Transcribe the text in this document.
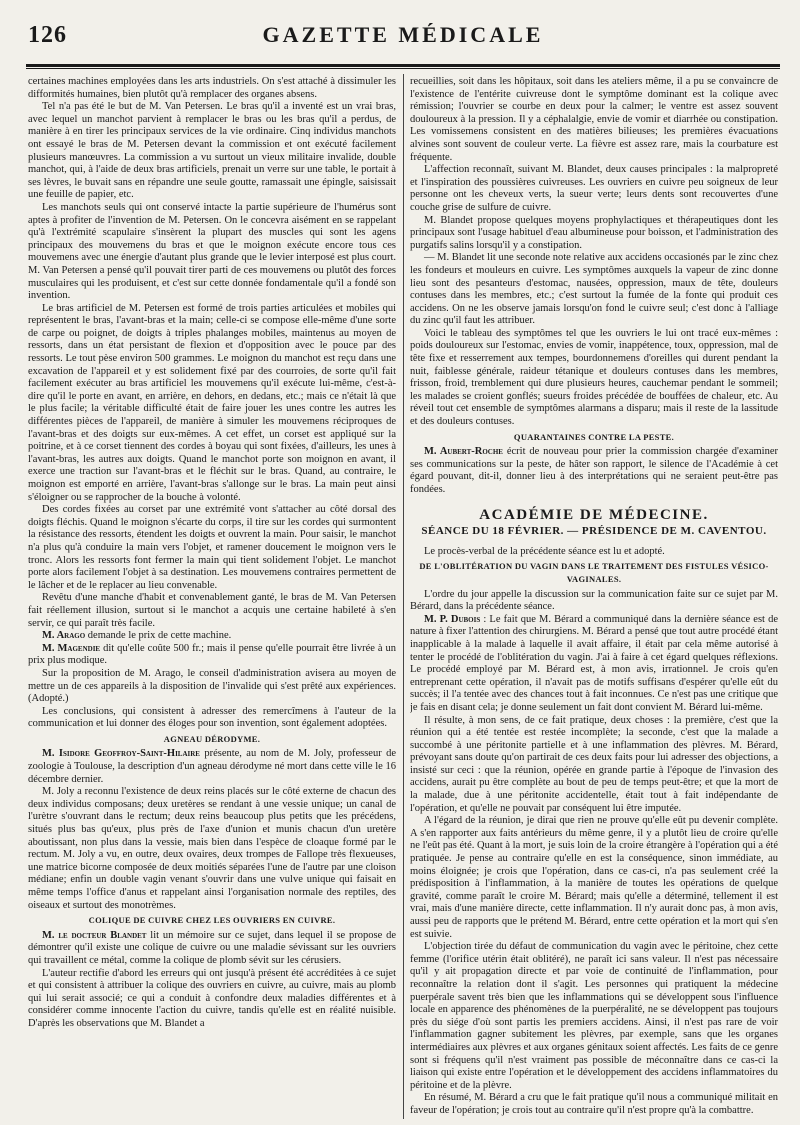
126	GAZETTE MÉDICALE

certaines machines employées dans les arts industriels. On s'est attaché à dissimuler les difformités humaines, bien plutôt qu'à remplacer des organes absens.

Tel n'a pas été le but de M. Van Petersen. Le bras qu'il a inventé est un vrai bras, avec lequel un manchot parvient à remplacer le bras ou les bras qu'il a perdus, de manière à en tirer les principaux services de la vie ordinaire. Cinq individus manchots ont essayé le bras de M. Petersen devant la commission et ont exécuté facilement plusieurs manœuvres. La commission a vu surtout un vieux militaire invalide, double manchot, qui, à l'aide de deux bras artificiels, prenait un verre sur une table, le portait à ses lèvres, le buvait sans en répandre une seule goutte, ramassait une épingle, saisissait une feuille de papier, etc.

Les manchots seuls qui ont conservé intacte la partie supérieure de l'humérus sont aptes à profiter de l'invention de M. Petersen. On le concevra aisément en se rappelant qu'à l'extrémité scapulaire s'insèrent la plupart des muscles qui sont les agens principaux des mouvemens du bras et que le moignon exécute encore tous ces mouvemens avec une énergie d'autant plus grande que le levier interposé est plus court. M. Van Petersen a pensé qu'il pouvait tirer parti de ces mouvemens ou plutôt des forces musculaires qui les produisent, et c'est sur cette donnée fondamentale qu'il a fondé son invention.

Le bras artificiel de M. Petersen est formé de trois parties articulées et mobiles qui représentent le bras, l'avant-bras et la main; celle-ci se compose elle-même d'une sorte de carpe ou poignet, de doigts à triples phalanges mobiles, maintenus au moyen de ressorts, dans un état persistant de flexion et d'opposition avec le pouce par des ressorts. Le tout pèse environ 500 grammes. Le moignon du manchot est reçu dans une excavation de l'appareil et y est solidement fixé par des courroies, de sorte qu'il fait facilement exécuter au bras artificiel les mouvemens qu'il exécute lui-même, c'est-à-dire qu'il le porte en avant, en arrière, en dehors, en dedans, etc.; mais ce n'était là que le plus facile; la véritable difficulté était de faire jouer les unes contre les autres les différentes pièces de l'appareil, de manière à simuler les mouvemens réciproques de l'avant-bras et des doigts sur eux-mêmes. A cet effet, un corset est appliqué sur la poitrine, et à ce corset tiennent des cordes à boyau qui sont fixées, d'ailleurs, les unes à l'avant-bras, les autres aux doigts. Quand le manchot porte son moignon en avant, il exerce une traction sur l'avant-bras et le fléchit sur le bras. Quand, au contraire, le moignon est emporté en arrière, l'avant-bras s'allonge sur le bras. La main peut ainsi s'éloigner ou se rapprocher de la bouche à volonté.

Des cordes fixées au corset par une extrémité vont s'attacher au côté dorsal des doigts fléchis. Quand le moignon s'écarte du corps, il tire sur les cordes qui surmontent la résistance des ressorts, étendent les doigts et ouvrent la main. Pour saisir, le manchot n'a plus qu'à conduire la main vers l'objet, et ramener doucement le moignon vers le tronc. Alors les ressorts font fermer la main qui tient solidement l'objet. Le manchot porte alors facilement l'objet à sa destination. Les mouvemens contraires permettent de le lâcher et de le replacer au lieu convenable.

Revêtu d'une manche d'habit et convenablement ganté, le bras de M. Van Petersen fait réellement illusion, surtout si le manchot a acquis une certaine habileté à s'en servir, ce qui paraît très facile.

M. Arago demande le prix de cette machine.

M. Magendie dit qu'elle coûte 500 fr.; mais il pense qu'elle pourrait être livrée à un prix plus modique.

Sur la proposition de M. Arago, le conseil d'administration avisera au moyen de mettre un de ces appareils à la disposition de l'invalide qui s'est prêté aux expériences. (Adopté.)

Les conclusions, qui consistent à adresser des remercîmens à l'auteur de la communication et lui donner des éloges pour son invention, sont également adoptées.

AGNEAU DÉRODYME.

M. Isidore Geoffroy-Saint-Hilaire présente, au nom de M. Joly, professeur de zoologie à Toulouse, la description d'un agneau dérodyme né mort dans cette ville le 16 décembre dernier.

M. Joly a reconnu l'existence de deux reins placés sur le côté externe de chacun des deux individus composans; deux uretères se rendant à une vessie unique; un canal de l'urètre s'ouvrant dans le rectum; deux reins beaucoup plus petits que les précédens, situés plus bas qu'eux, plus près de l'axe d'union et munis chacun d'un uretère aboutissant, non plus dans la vessie, mais bien dans l'espèce de cloaque formé par le rectum. M. Joly a vu, en outre, deux ovaires, deux trompes de Fallope très flexueuses, une matrice bicorne composée de deux moitiés séparées l'une de l'autre par une cloison médiane; enfin un double vagin venant s'ouvrir dans une vulve unique qui faisait en même temps l'office d'anus et rappelant ainsi l'organisation normale des reptiles, des oiseaux et surtout des monotrèmes.

COLIQUE DE CUIVRE CHEZ LES OUVRIERS EN CUIVRE.

M. le docteur Blandet lit un mémoire sur ce sujet, dans lequel il se propose de démontrer qu'il existe une colique de cuivre ou une maladie sévissant sur les ouvriers qui travaillent ce métal, comme la colique de plomb sévit sur les cérusiers.

L'auteur rectifie d'abord les erreurs qui ont jusqu'à présent été accréditées à ce sujet et qui consistent à attribuer la colique des ouvriers en cuivre, au cuivre, mais au plomb qui lui serait associé; ce qui a conduit à confondre deux maladies différentes et à considérer comme innocente l'action du cuivre, tandis qu'elle est en réalité nuisible. D'après les observations que M. Blandet a

recueillies, soit dans les hôpitaux, soit dans les ateliers même, il a pu se convaincre de l'existence de l'entérite cuivreuse dont le symptôme dominant est la colique avec rémission; l'ouvrier se courbe en deux pour la calmer; le ventre est assez souvent douloureux à la pression. Il y a céphalalgie, envie de vomir et diarrhée ou constipation. Les vomissemens consistent en des matières bilieuses; les premières évacuations alvines sont souvent de couleur verte. La fièvre est assez rare, mais la courbature est fréquente.

L'affection reconnaît, suivant M. Blandet, deux causes principales : la malpropreté et l'inspiration des poussières cuivreuses. Les ouvriers en cuivre peu soigneux de leur personne ont les cheveux verts, la sueur verte; leurs dents sont recouvertes d'une couche grise de sulfure de cuivre.

M. Blandet propose quelques moyens prophylactiques et thérapeutiques dont les principaux sont l'usage habituel d'eau albumineuse pour boisson, et l'administration des purgatifs salins lorsqu'il y a constipation.

— M. Blandet lit une seconde note relative aux accidens occasionés par le zinc chez les fondeurs et mouleurs en cuivre. Les symptômes auxquels la vapeur de zinc donne lieu sont des pesanteurs d'estomac, nausées, oppression, maux de tête, douleurs contuses dans les membres, etc.; c'est surtout la fumée de la fonte qui produit ces accidens. On ne les observe jamais lorsqu'on fond le cuivre seul; c'est donc à l'alliage du zinc qu'il faut les attribuer.

Voici le tableau des symptômes tel que les ouvriers le lui ont tracé eux-mêmes : poids douloureux sur l'estomac, envies de vomir, inappétence, toux, oppression, mal de tête fixe et resserrement aux tempes, bourdonnemens d'oreilles qui durent pendant la nuit, faiblesse générale, raideur tétanique et douleurs contuses dans les membres, frisson, froid, tremblement qui dure plusieurs heures, cauchemar pendant le sommeil; les malades se croient gonflés; sueurs froides précédée de bouffées de chaleur, etc. Au réveil tout cet ensemble de symptômes alarmans a disparu; mais il reste de la lassitude et des douleurs contuses.

QUARANTAINES CONTRE LA PESTE.

M. Aubert-Roche écrit de nouveau pour prier la commission chargée d'examiner ses communications sur la peste, de hâter son rapport, le silence de l'Académie à cet égard pouvant, dit-il, donner lieu à des interprétations qui ne seraient peut-être pas fondées.

ACADÉMIE DE MÉDECINE.
SÉANCE DU 18 FÉVRIER. — PRÉSIDENCE DE M. CAVENTOU.

Le procès-verbal de la précédente séance est lu et adopté.

DE L'OBLITÉRATION DU VAGIN DANS LE TRAITEMENT DES FISTULES VÉSICO-VAGINALES.

L'ordre du jour appelle la discussion sur la communication faite sur ce sujet par M. Bérard, dans la précédente séance.

M. P. Dubois : Le fait que M. Bérard a communiqué dans la dernière séance est de nature à fixer l'attention des chirurgiens. M. Bérard a pensé que tout autre procédé étant inapplicable à la malade à laquelle il avait affaire, il était par cela même autorisé à tenter le procédé de l'oblitération du vagin. J'ai à faire à cet égard quelques réflexions. Le procédé employé par M. Bérard est, à mon avis, irrationnel. Je crois qu'en entreprenant cette opération, il n'avait pas de motifs suffisans d'espérer qu'elle eût du succès; il l'a tentée avec des chances tout à fait inconnues. Ce n'est pas une critique que je fais en disant cela; je donne seulement un fait dont convient M. Bérard lui-même.

Il résulte, à mon sens, de ce fait pratique, deux choses : la première, c'est que la réunion qui a été tentée est restée incomplète; la seconde, c'est que la malade a succombé à une péritonite partielle et à une inflammation des plèvres. M. Bérard, prévoyant sans doute qu'on partirait de ces deux faits pour lui adresser des objections, a insisté sur ceci : que la réunion, opérée en grande partie à l'époque de l'invasion des accidens, aurait pu être complète au bout de peu de temps peut-être; et que la mort de la malade, due à une péritonite accidentelle, était tout à fait indépendante de l'opération, et qu'elle ne pouvait par conséquent lui être imputée.

A l'égard de la réunion, je dirai que rien ne prouve qu'elle eût pu devenir complète. A s'en rapporter aux faits antérieurs du même genre, il y a plutôt lieu de croire qu'elle ne l'eût pas été. Quant à la mort, je suis loin de la croire étrangère à l'opération qui a été pratiquée. Je pense au contraire qu'elle en est la conséquence, sinon immédiate, au moins éloignée; je crois que l'opération, dans ce cas-ci, n'a pas seulement créé la prédisposition à l'inflammation, à la manière de toutes les opérations de quelque gravité, comme paraît le croire M. Bérard; mais qu'elle a déterminé, tellement il est vrai, mais d'une manière directe, cette inflammation. Il n'y aurait donc pas, à mon avis, aussi peu de rapports que le prétend M. Bérard, entre cette opération et la mort qui s'en est suivie.

L'objection tirée du défaut de communication du vagin avec le péritoine, chez cette femme (l'orifice utérin était oblitéré), ne paraît ici sans valeur. Il n'est pas nécessaire qu'il y ait propagation directe et par voie de continuité de l'inflammation, pour reconnaître la relation dont il s'agit. Les personnes qui pratiquent la médecine puerpérale savent très bien que les inflammations qui se développent sous l'influence locale en apparence des phénomènes de la puerpéralité, ne se développent pas toujours près du siége d'où sont partis les premiers accidens. Ainsi, il n'est pas rare de voir l'inflammation gagner subitement les plèvres, par exemple, sans que les organes intermédiaires aux plèvres et aux organes génitaux soient affectés. Les faits de ce genre sont si fréquens qu'il n'est vraiment pas possible de méconnaître dans ce cas-ci la liaison qui existe entre l'opération et le développement des accidens inflammatoires du péritoine et de la plèvre.

En résumé, M. Bérard a cru que le fait pratique qu'il nous a communiqué militait en faveur de l'opération; je crois tout au contraire qu'il n'est propre qu'à la combattre.
